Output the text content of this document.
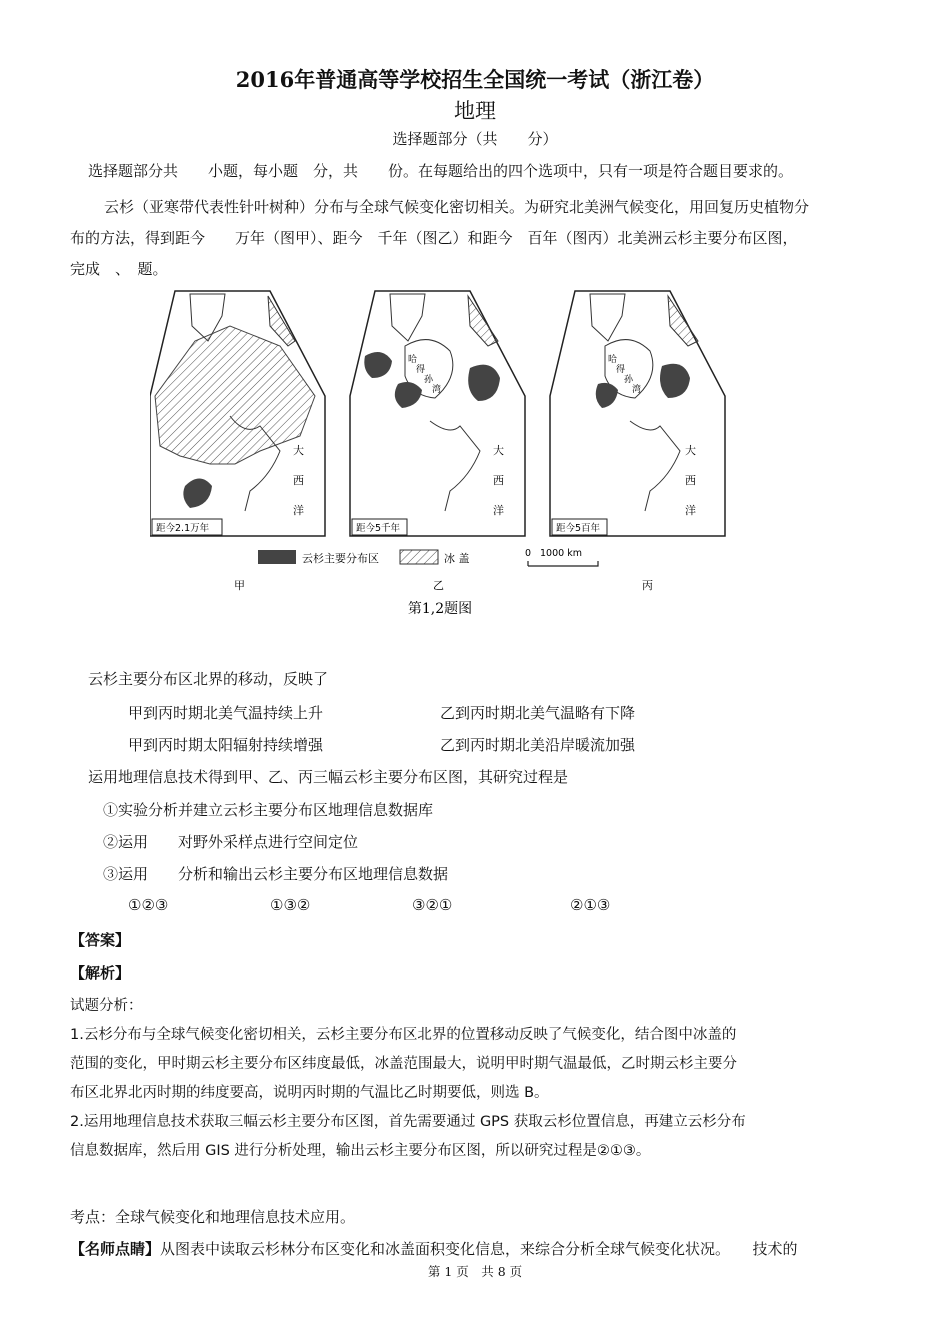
2016年普通高等学校招生全国统一考试（浙江卷）
地理
选择题部分（共　　分）
选择题部分共　　小题，每小题　分，共　　份。在每题给出的四个选项中，只有一项是符合题目要求的。
云杉（亚寒带代表性针叶树种）分布与全球气候变化密切相关。为研究北美洲气候变化，用回复历史植物分
布的方法，得到距今　　万年（图甲）、距今　千年（图乙）和距今　百年（图丙）北美洲云杉主要分布区图，
完成　、　题。
距今2.1万年
大
西
洋
距今5千年
哈
得
孙
湾
大
西
洋
距今5百年
哈
得
孙
湾
大
西
洋
云杉主要分布区	冰 盖	0 1000 km
甲	乙	丙
第1,2题图
云杉主要分布区北界的移动，反映了
甲到丙时期北美气温持续上升	乙到丙时期北美气温略有下降
甲到丙时期太阳辐射持续增强	乙到丙时期北美沿岸暖流加强
运用地理信息技术得到甲、乙、丙三幅云杉主要分布区图，其研究过程是
①实验分析并建立云杉主要分布区地理信息数据库
②运用　　对野外采样点进行空间定位
③运用　　分析和输出云杉主要分布区地理信息数据
①②③	①③②	③②①	②①③
【答案】
【解析】
试题分析：
1.云杉分布与全球气候变化密切相关，云杉主要分布区北界的位置移动反映了气候变化，结合图中冰盖的
范围的变化，甲时期云杉主要分布区纬度最低，冰盖范围最大，说明甲时期气温最低，乙时期云杉主要分
布区北界北丙时期的纬度要高，说明丙时期的气温比乙时期要低，则选 B。
2.运用地理信息技术获取三幅云杉主要分布区图，首先需要通过 GPS 获取云杉位置信息，再建立云杉分布
信息数据库，然后用 GIS 进行分析处理，输出云杉主要分布区图，所以研究过程是②①③。
考点：全球气候变化和地理信息技术应用。
【名师点睛】从图表中读取云杉林分布区变化和冰盖面积变化信息，来综合分析全球气候变化状况。　　技术的
第 1 页　共 8 页
